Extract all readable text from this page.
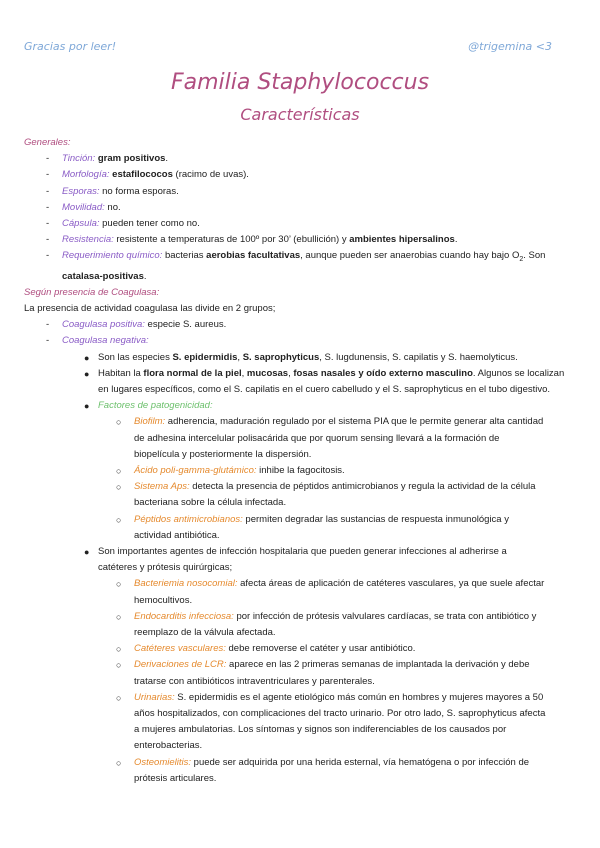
Gracias por leer!	@trigemina <3
Familia Staphylococcus
Características
Generales:
- Tinción: gram positivos.
- Morfología: estafilococos (racimo de uvas).
- Esporas: no forma esporas.
- Movilidad: no.
- Cápsula: pueden tener como no.
- Resistencia: resistente a temperaturas de 100º por 30’ (ebullición) y ambientes hipersalinos.
- Requerimiento químico: bacterias aerobias facultativas, aunque pueden ser anaerobias cuando hay bajo $O_2$. Son
catalasa-positivas.
Según presencia de Coagulasa:
La presencia de actividad coagulasa las divide en 2 grupos;
- Coagulasa positiva: especie S. aureus.
- Coagulasa negativa:
● Son las especies S. epidermidis, S. saprophyticus, S. lugdunensis, S. capilatis y S. haemolyticus.
● Habitan la flora normal de la piel, mucosas, fosas nasales y oído externo masculino. Algunos se localizan
en lugares específicos, como el S. capilatis en el cuero cabelludo y el S. saprophyticus en el tubo digestivo.
● Factores de patogenicidad:
○ Biofilm: adherencia, maduración regulado por el sistema PIA que le permite generar alta cantidad
de adhesina intercelular polisacárida que por quorum sensing llevará a la formación de
biopelícula y posteriormente la dispersión.
○ Ácido poli-gamma-glutámico: inhibe la fagocitosis.
○ Sistema Aps: detecta la presencia de péptidos antimicrobianos y regula la actividad de la célula
bacteriana sobre la célula infectada.
○ Péptidos antimicrobianos: permiten degradar las sustancias de respuesta inmunológica y
actividad antibiótica.
● Son importantes agentes de infección hospitalaria que pueden generar infecciones al adherirse a
catéteres y prótesis quirúrgicas;
○ Bacteriemia nosocomial: afecta áreas de aplicación de catéteres vasculares, ya que suele afectar
hemocultivos.
○ Endocarditis infecciosa: por infección de prótesis valvulares cardíacas, se trata con antibiótico y
reemplazo de la válvula afectada.
○ Catéteres vasculares: debe removerse el catéter y usar antibiótico.
○ Derivaciones de LCR: aparece en las 2 primeras semanas de implantada la derivación y debe
tratarse con antibióticos intraventriculares y parenterales.
○ Urinarias: S. epidermidis es el agente etiológico más común en hombres y mujeres mayores a 50
años hospitalizados, con complicaciones del tracto urinario. Por otro lado, S. saprophyticus afecta
a mujeres ambulatorias. Los síntomas y signos son indiferenciables de los causados por
enterobacterias.
○ Osteomielitis: puede ser adquirida por una herida esternal, vía hematógena o por infección de
prótesis articulares.
